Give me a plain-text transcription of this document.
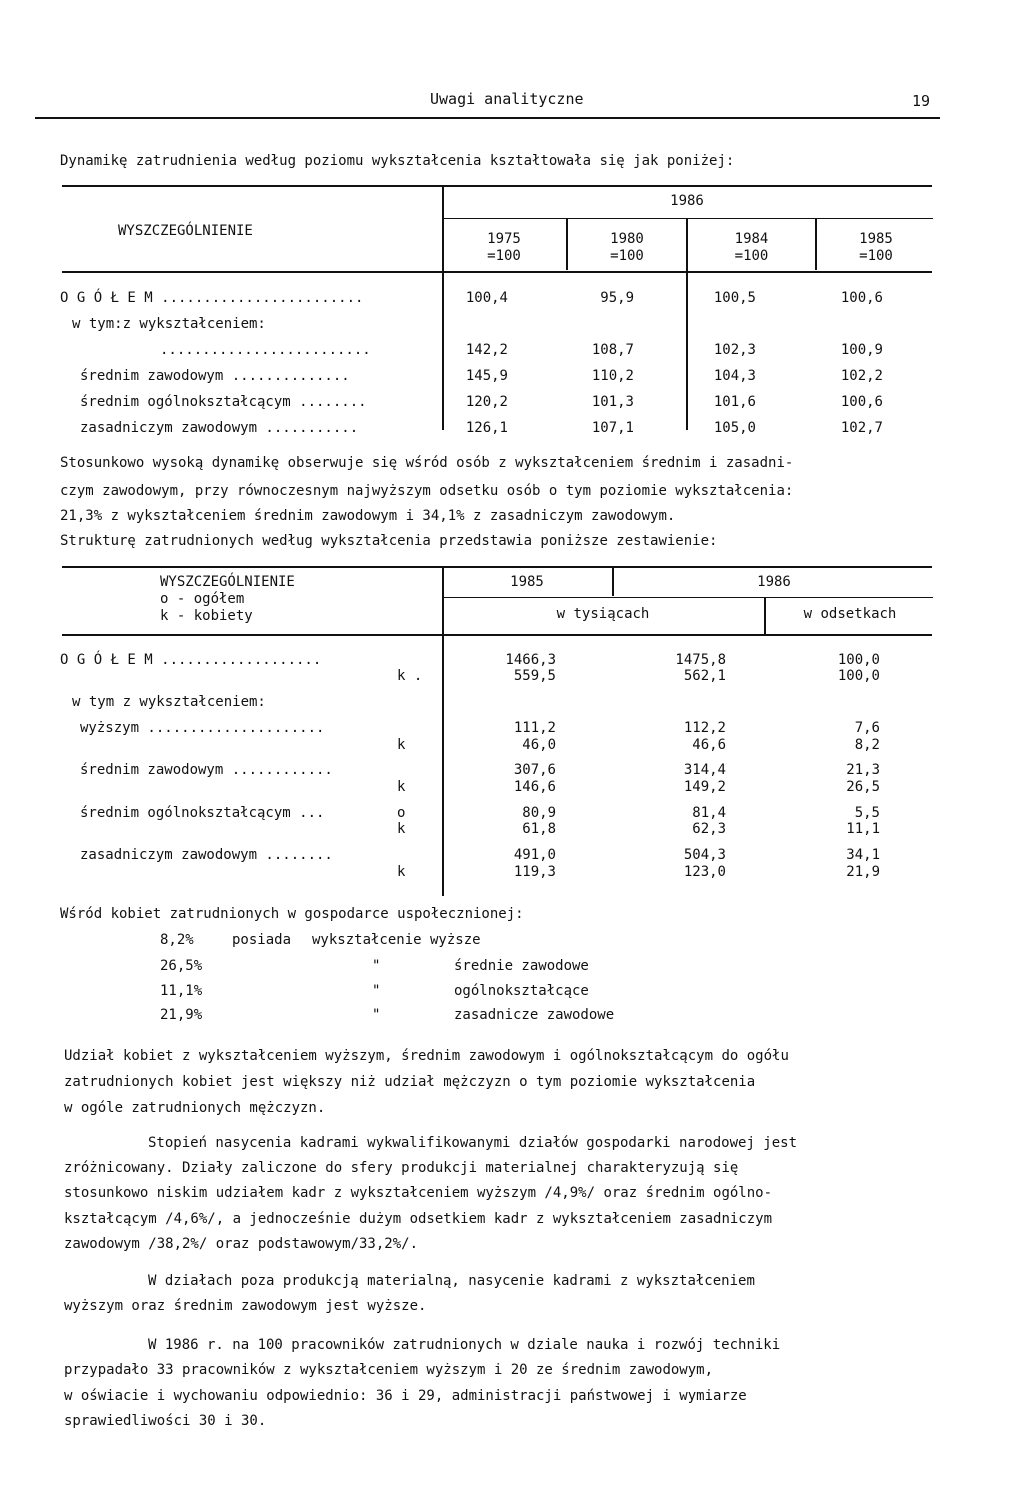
Uwagi analityczne	19
Dynamikę zatrudnienia według poziomu wykształcenia kształtowała się jak poniżej:
WYSZCZEGÓLNIENIE
1986
1975
=100
1980
=100
1984
=100
1985
=100
O G Ó Ł E M ........................	100,4	95,9	100,5	100,6
w tym:z wykształceniem:
.........................	142,2	108,7	102,3	100,9
średnim zawodowym ..............	145,9	110,2	104,3	102,2
średnim ogólnokształcącym ........	120,2	101,3	101,6	100,6
zasadniczym zawodowym ...........	126,1	107,1	105,0	102,7
Stosunkowo wysoką dynamikę obserwuje się wśród osób z wykształceniem średnim i zasadni-
czym zawodowym, przy równoczesnym najwyższym odsetku osób o tym poziomie wykształcenia:
21,3% z wykształceniem średnim zawodowym i 34,1% z zasadniczym zawodowym.
Strukturę zatrudnionych według wykształcenia przedstawia poniższe zestawienie:
WYSZCZEGÓLNIENIE
o - ogółem
k - kobiety
1985	1986
w tysiącach	w odsetkach
O G Ó Ł E M ...................	1466,3	1475,8	100,0
k .	559,5	562,1	100,0
w tym z wykształceniem:
wyższym .....................	111,2	112,2	7,6
k	46,0	46,6	8,2
średnim zawodowym ............	307,6	314,4	21,3
k	146,6	149,2	26,5
średnim ogólnokształcącym ...	o	80,9	81,4	5,5
k	61,8	62,3	11,1
zasadniczym zawodowym ........	491,0	504,3	34,1
k	119,3	123,0	21,9
Wśród kobiet zatrudnionych w gospodarce uspołecznionej:
8,2%	posiada wykształcenie wyższe
26,5%	"	średnie zawodowe
11,1%	"	ogólnokształcące
21,9%	"	zasadnicze zawodowe
Udział kobiet z wykształceniem wyższym, średnim zawodowym i ogólnokształcącym do ogółu
zatrudnionych kobiet jest większy niż udział mężczyzn o tym poziomie wykształcenia
w ogóle zatrudnionych mężczyzn.
Stopień nasycenia kadrami wykwalifikowanymi działów gospodarki narodowej jest
zróżnicowany. Działy zaliczone do sfery produkcji materialnej charakteryzują się
stosunkowo niskim udziałem kadr z wykształceniem wyższym /4,9%/ oraz średnim ogólno-
kształcącym /4,6%/, a jednocześnie dużym odsetkiem kadr z wykształceniem zasadniczym
zawodowym /38,2%/ oraz podstawowym/33,2%/.
W działach poza produkcją materialną, nasycenie kadrami z wykształceniem
wyższym oraz średnim zawodowym jest wyższe.
W 1986 r. na 100 pracowników zatrudnionych w dziale nauka i rozwój techniki
przypadało 33 pracowników z wykształceniem wyższym i 20 ze średnim zawodowym,
w oświacie i wychowaniu odpowiednio: 36 i 29, administracji państwowej i wymiarze
sprawiedliwości 30 i 30.
